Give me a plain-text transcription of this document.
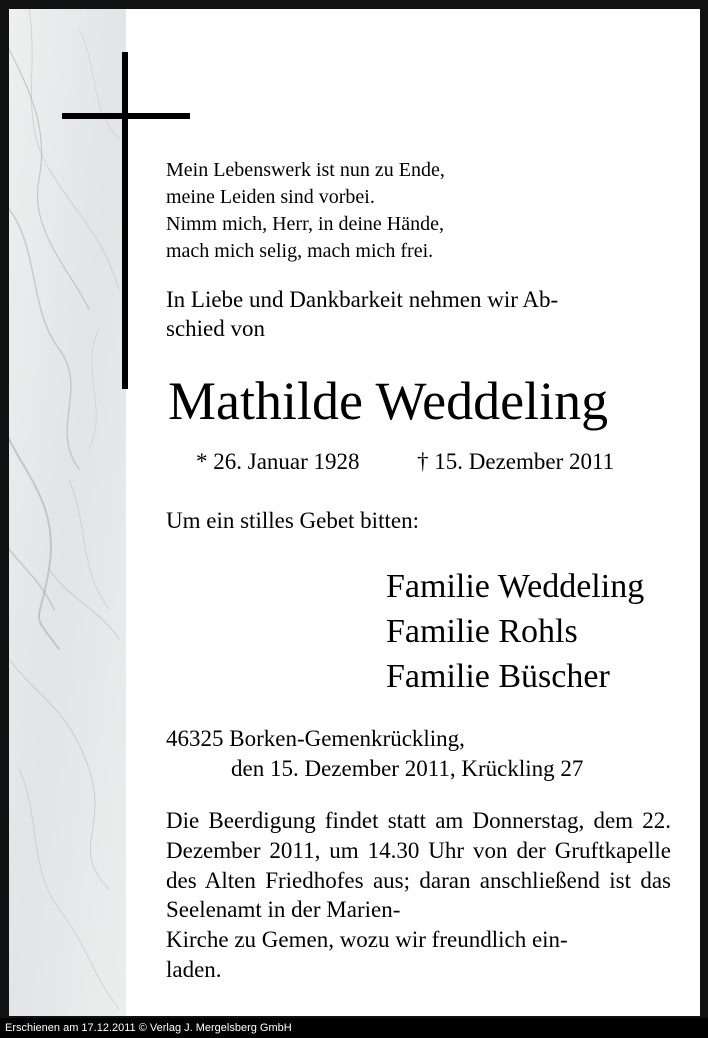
Mein Lebenswerk ist nun zu Ende,
meine Leiden sind vorbei.
Nimm mich, Herr, in deine Hände,
mach mich selig, mach mich frei.
In Liebe und Dankbarkeit nehmen wir Ab-
schied von
Mathilde Weddeling
* 26. Januar 1928 † 15. Dezember 2011
Um ein stilles Gebet bitten:
Familie Weddeling
Familie Rohls
Familie Büscher
46325 Borken-Gemenkrückling,
den 15. Dezember 2011, Krückling 27
Die Beerdigung findet statt am Donnerstag, dem 22. Dezember 2011, um 14.30 Uhr von der Gruftkapelle des Alten Friedhofes aus; daran anschließend ist das Seelenamt in der Marien-
Kirche zu Gemen, wozu wir freundlich ein-
laden.
Erschienen am 17.12.2011 © Verlag J. Mergelsberg GmbH
